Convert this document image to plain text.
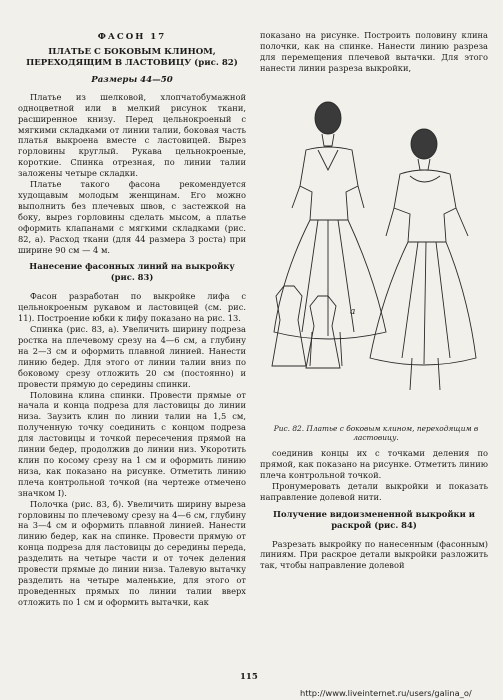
ФАСОН 17
ПЛАТЬЕ С БОКОВЫМ КЛИНОМ, ПЕРЕХОДЯЩИМ В ЛАСТОВИЦУ (рис. 82)
Размеры 44—50

Платье из шелковой, хлопчатобумажной одноцветной или в мелкий рисунок ткани, расширенное книзу. Перед цельнокроеный с мягкими складками от линии талии, боковая часть платья выкроена вместе с ластовицей. Вырез горловины круглый. Рукава цельнокроеные, короткие. Спинка отрезная, по линии талии заложены четыре складки.

Платье такого фасона рекомендуется худощавым молодым женщинам. Его можно выполнить без плечевых швов, с застежкой на боку, вырез горловины сделать мысом, а платье оформить клапанами с мягкими складками (рис. 82, а). Расход ткани (для 44 размера 3 роста) при ширине 90 см — 4 м.

Нанесение фасонных линий на выкройку (рис. 83)

Фасон разработан по выкройке лифа с цельнокроеным рукавом и ластовицей (см. рис. 11). Построение юбки к лифу показано на рис. 13.

Спинка (рис. 83, а). Увеличить ширину подреза ростка на плечевому срезу на 4—6 см, а глубину на 2—3 см и оформить плавной линией. Нанести линию бедер. Для этого от линии талии вниз по боковому срезу отложить 20 см (постоянно) и провести прямую до середины спинки.

Половина клина спинки. Провести прямые от начала и конца подреза для ластовицы до линии низа. Заузить клин по линии талии на 1,5 см, полученную точку соединить с концом подреза для ластовицы и точкой пересечения прямой на линии бедер, продолжив до линии низ. Укоротить клин по косому срезу на 1 см и оформить линию низа, как показано на рисунке. Отметить линию плеча контрольной точкой (на чертеже отмечено значком I).

Полочка (рис. 83, б). Увеличить ширину выреза горловины по плечевому срезу на 4—6 см, глубину на 3—4 см и оформить плавной линией. Нанести линию бедер, как на спинке. Провести прямую от конца подреза для ластовицы до середины переда, разделить на четыре части и от точек деления провести прямые до линии низа. Талевую вытачку разделить на четыре маленькие, для этого от проведенных прямых по линии талии вверх отложить по 1 см и оформить вытачки, как

показано на рисунке. Построить половину клина полочки, как на спинке. Нанести линию разреза для перемещения плечевой вытачки. Для этого нанести линии разреза выкройки,

а
Рис. 82. Платье с боковым клином, переходящим в ластовицу.

соединив концы их с точками деления по прямой, как показано на рисунке. Отметить линию плеча контрольной точкой.

Пронумеровать детали выкройки и показать направление долевой нити.

Получение видоизмененной выкройки и раскрой (рис. 84)

Разрезать выкройку по нанесенным (фасонным) линиям. При раскрое детали выкройки разложить так, чтобы направление долевой

115
http://www.liveinternet.ru/users/galina_o/
